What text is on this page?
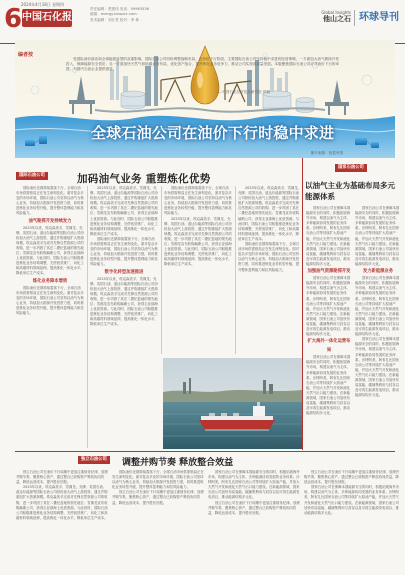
6
2024年4月18日 星期四
中国石化报
责任编辑：贾建伟 电话：59963536
邮箱：energy.sinopec.com
美术编辑：刘长君 校对：李 林
Global Insights
他山之石 环球导刊
全球石油公司在油价下行时稳中求进
图片来源：视觉中国
编者按

受国际油价波动和全球能源转型的双重影响，国际石油公司纷纷调整战略布局。在油价下行阶段，主要国际石油公司坚持稳中求进的经营策略，一方面加大油气勘探开发投入，保障能源安全供应；另一方面加快天然气和低碳业务布局，优化资产组合，提升炼化业务竞争力，推动公司实现高质量发展。本版聚焦国际石油公司应对油价下行的举措，为国内石油企业提供借鉴。

——中国石化经济技术研究院 供稿
国际石油公司	加码油气业务 重塑炼化优势

国际油价近期持续震荡下行，全球石油市场供需格局正在发生深刻变化。面对复杂多变的市场环境，国际石油公司坚持以油气为核心业务，持续加大勘探开发投资力度，同时推进炼化业务转型升级，提升整体盈利能力和抗风险能力。

油气勘探开发持续发力

2023年以来，埃克森美孚、雪佛龙、壳牌、英国石油、道达尔能源等国际石油公司纷纷加大油气上游投资，通过并购重组扩大资源规模。埃克森美孚完成对先锋自然资源公司的收购，进一步巩固了其在二叠纪盆地的领先地位；雪佛龙宣布收购赫斯公司，获得圭亚那海上优质资源。与此同时，国际石油公司积极推进炼化业务结构调整，关停低效炼厂，向化工和高端材料领域延伸，提高炼化一体化水平，降低单位生产成本。

炼化业务降本增效

国际油价近期持续震荡下行，全球石油市场供需格局正在发生深刻变化。面对复杂多变的市场环境，国际石油公司坚持以油气为核心业务，持续加大勘探开发投资力度，同时推进炼化业务转型升级，提升整体盈利能力和抗风险能力。

2023年以来，埃克森美孚、雪佛龙、壳牌、英国石油、道达尔能源等国际石油公司纷纷加大油气上游投资，通过并购重组扩大资源规模。埃克森美孚完成对先锋自然资源公司的收购，进一步巩固了其在二叠纪盆地的领先地位；雪佛龙宣布收购赫斯公司，获得圭亚那海上优质资源。与此同时，国际石油公司积极推进炼化业务结构调整，关停低效炼厂，向化工和高端材料领域延伸，提高炼化一体化水平，降低单位生产成本。

国际油价近期持续震荡下行，全球石油市场供需格局正在发生深刻变化。面对复杂多变的市场环境，国际石油公司坚持以油气为核心业务，持续加大勘探开发投资力度，同时推进炼化业务转型升级，提升整体盈利能力和抗风险能力。

数字化转型加速推进

2023年以来，埃克森美孚、雪佛龙、壳牌、英国石油、道达尔能源等国际石油公司纷纷加大油气上游投资，通过并购重组扩大资源规模。埃克森美孚完成对先锋自然资源公司的收购，进一步巩固了其在二叠纪盆地的领先地位；雪佛龙宣布收购赫斯公司，获得圭亚那海上优质资源。与此同时，国际石油公司积极推进炼化业务结构调整，关停低效炼厂，向化工和高端材料领域延伸，提高炼化一体化水平，降低单位生产成本。

国际油价近期持续震荡下行，全球石油市场供需格局正在发生深刻变化。面对复杂多变的市场环境，国际石油公司坚持以油气为核心业务，持续加大勘探开发投资力度，同时推进炼化业务转型升级，提升整体盈利能力和抗风险能力。

2023年以来，埃克森美孚、雪佛龙、壳牌、英国石油、道达尔能源等国际石油公司纷纷加大油气上游投资，通过并购重组扩大资源规模。埃克森美孚完成对先锋自然资源公司的收购，进一步巩固了其在二叠纪盆地的领先地位；雪佛龙宣布收购赫斯公司，获得圭亚那海上优质资源。与此同时，国际石油公司积极推进炼化业务结构调整，关停低效炼厂，向化工和高端材料领域延伸，提高炼化一体化水平，降低单位生产成本。

2023年以来，埃克森美孚、雪佛龙、壳牌、英国石油、道达尔能源等国际石油公司纷纷加大油气上游投资，通过并购重组扩大资源规模。埃克森美孚完成对先锋自然资源公司的收购，进一步巩固了其在二叠纪盆地的领先地位；雪佛龙宣布收购赫斯公司，获得圭亚那海上优质资源。与此同时，国际石油公司积极推进炼化业务结构调整，关停低效炼厂，向化工和高端材料领域延伸，提高炼化一体化水平，降低单位生产成本。

国际油价近期持续震荡下行，全球石油市场供需格局正在发生深刻变化。面对复杂多变的市场环境，国际石油公司坚持以油气为核心业务，持续加大勘探开发投资力度，同时推进炼化业务转型升级，提升整体盈利能力和抗风险能力。

图片来源：视觉中国
国家石油公司
以油气主业为基础布局多元能源体系

国家石油公司在保障本国能源安全的同时，积极拓展海外市场，构建以油气为主体、多种能源协同发展的业务体系。沙特阿美、阿布扎比国家石油公司等持续扩大原油产能，并加大天然气开发和液化天然气出口能力建设。在新能源领域，国家石油公司加快布局氢能、碳捕集利用与封存以及可再生能源发电项目，推动能源结构多元化。

加强油气资源勘探开发

国家石油公司在保障本国能源安全的同时，积极拓展海外市场，构建以油气为主体、多种能源协同发展的业务体系。沙特阿美、阿布扎比国家石油公司等持续扩大原油产能，并加大天然气开发和液化天然气出口能力建设。在新能源领域，国家石油公司加快布局氢能、碳捕集利用与封存以及可再生能源发电项目，推动能源结构多元化。

扩大海外一体化运营布局

国家石油公司在保障本国能源安全的同时，积极拓展海外市场，构建以油气为主体、多种能源协同发展的业务体系。沙特阿美、阿布扎比国家石油公司等持续扩大原油产能，并加大天然气开发和液化天然气出口能力建设。在新能源领域，国家石油公司加快布局氢能、碳捕集利用与封存以及可再生能源发电项目，推动能源结构多元化。

国家石油公司在保障本国能源安全的同时，积极拓展海外市场，构建以油气为主体、多种能源协同发展的业务体系。沙特阿美、阿布扎比国家石油公司等持续扩大原油产能，并加大天然气开发和液化天然气出口能力建设。在新能源领域，国家石油公司加快布局氢能、碳捕集利用与封存以及可再生能源发电项目，推动能源结构多元化。

发力新能源业务

国家石油公司在保障本国能源安全的同时，积极拓展海外市场，构建以油气为主体、多种能源协同发展的业务体系。沙特阿美、阿布扎比国家石油公司等持续扩大原油产能，并加大天然气开发和液化天然气出口能力建设。在新能源领域，国家石油公司加快布局氢能、碳捕集利用与封存以及可再生能源发电项目，推动能源结构多元化。

国家石油公司在保障本国能源安全的同时，积极拓展海外市场，构建以油气为主体、多种能源协同发展的业务体系。沙特阿美、阿布扎比国家石油公司等持续扩大原油产能，并加大天然气开发和液化天然气出口能力建设。在新能源领域，国家石油公司加快布局氢能、碳捕集利用与封存以及可再生能源发电项目，推动能源结构多元化。

独立石油公司	调整并购节奏 释放整合效益

独立石油公司在油价下行周期中更加注重财务纪律，放缓并购节奏，聚焦核心资产，通过整合已收购资产释放协同效益，降低运营成本，提升股东回报。

2023年以来，埃克森美孚、雪佛龙、壳牌、英国石油、道达尔能源等国际石油公司纷纷加大油气上游投资，通过并购重组扩大资源规模。埃克森美孚完成对先锋自然资源公司的收购，进一步巩固了其在二叠纪盆地的领先地位；雪佛龙宣布收购赫斯公司，获得圭亚那海上优质资源。与此同时，国际石油公司积极推进炼化业务结构调整，关停低效炼厂，向化工和高端材料领域延伸，提高炼化一体化水平，降低单位生产成本。

国际油价近期持续震荡下行，全球石油市场供需格局正在发生深刻变化。面对复杂多变的市场环境，国际石油公司坚持以油气为核心业务，持续加大勘探开发投资力度，同时推进炼化业务转型升级，提升整体盈利能力和抗风险能力。

独立石油公司在油价下行周期中更加注重财务纪律，放缓并购节奏，聚焦核心资产，通过整合已收购资产释放协同效益，降低运营成本，提升股东回报。

国家石油公司在保障本国能源安全的同时，积极拓展海外市场，构建以油气为主体、多种能源协同发展的业务体系。沙特阿美、阿布扎比国家石油公司等持续扩大原油产能，并加大天然气开发和液化天然气出口能力建设。在新能源领域，国家石油公司加快布局氢能、碳捕集利用与封存以及可再生能源发电项目，推动能源结构多元化。

独立石油公司在油价下行周期中更加注重财务纪律，放缓并购节奏，聚焦核心资产，通过整合已收购资产释放协同效益，降低运营成本，提升股东回报。

独立石油公司在油价下行周期中更加注重财务纪律，放缓并购节奏，聚焦核心资产，通过整合已收购资产释放协同效益，降低运营成本，提升股东回报。

国家石油公司在保障本国能源安全的同时，积极拓展海外市场，构建以油气为主体、多种能源协同发展的业务体系。沙特阿美、阿布扎比国家石油公司等持续扩大原油产能，并加大天然气开发和液化天然气出口能力建设。在新能源领域，国家石油公司加快布局氢能、碳捕集利用与封存以及可再生能源发电项目，推动能源结构多元化。
